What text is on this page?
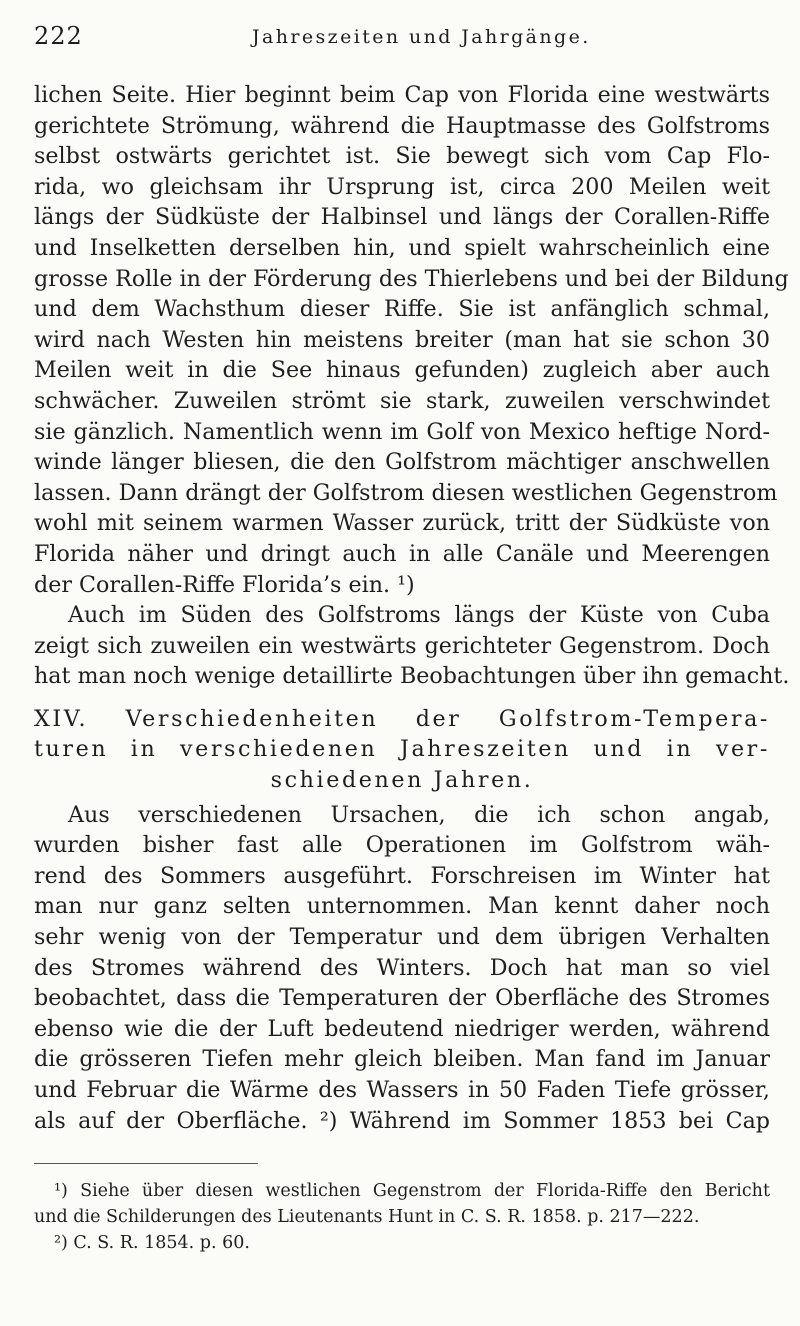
222	Jahreszeiten und Jahrgänge.
lichen Seite. Hier beginnt beim Cap von Florida eine westwärts
gerichtete Strömung, während die Hauptmasse des Golfstroms
selbst ostwärts gerichtet ist. Sie bewegt sich vom Cap Flo-
rida, wo gleichsam ihr Ursprung ist, circa 200 Meilen weit
längs der Südküste der Halbinsel und längs der Corallen-Riffe
und Inselketten derselben hin, und spielt wahrscheinlich eine
grosse Rolle in der Förderung des Thierlebens und bei der Bildung
und dem Wachsthum dieser Riffe. Sie ist anfänglich schmal,
wird nach Westen hin meistens breiter (man hat sie schon 30
Meilen weit in die See hinaus gefunden) zugleich aber auch
schwächer. Zuweilen strömt sie stark, zuweilen verschwindet
sie gänzlich. Namentlich wenn im Golf von Mexico heftige Nord-
winde länger bliesen, die den Golfstrom mächtiger anschwellen
lassen. Dann drängt der Golfstrom diesen westlichen Gegenstrom
wohl mit seinem warmen Wasser zurück, tritt der Südküste von
Florida näher und dringt auch in alle Canäle und Meerengen
der Corallen-Riffe Florida’s ein. ¹)
Auch im Süden des Golfstroms längs der Küste von Cuba
zeigt sich zuweilen ein westwärts gerichteter Gegenstrom. Doch
hat man noch wenige detaillirte Beobachtungen über ihn gemacht.
XIV. Verschiedenheiten der Golfstrom-Tempera-
turen in verschiedenen Jahreszeiten und in ver-
schiedenen Jahren.
Aus verschiedenen Ursachen, die ich schon angab,
wurden bisher fast alle Operationen im Golfstrom wäh-
rend des Sommers ausgeführt. Forschreisen im Winter hat
man nur ganz selten unternommen. Man kennt daher noch
sehr wenig von der Temperatur und dem übrigen Verhalten
des Stromes während des Winters. Doch hat man so viel
beobachtet, dass die Temperaturen der Oberfläche des Stromes
ebenso wie die der Luft bedeutend niedriger werden, während
die grösseren Tiefen mehr gleich bleiben. Man fand im Januar
und Februar die Wärme des Wassers in 50 Faden Tiefe grösser,
als auf der Oberfläche. ²) Während im Sommer 1853 bei Cap
¹) Siehe über diesen westlichen Gegenstrom der Florida-Riffe den Bericht
und die Schilderungen des Lieutenants Hunt in C. S. R. 1858. p. 217—222.
²) C. S. R. 1854. p. 60.
